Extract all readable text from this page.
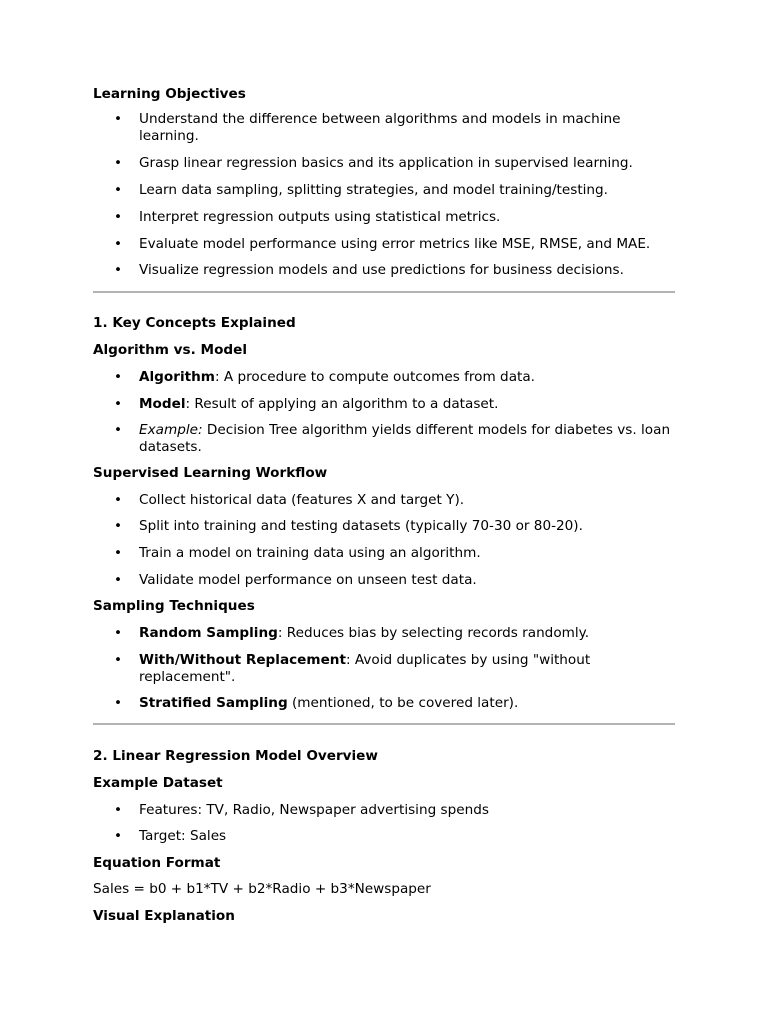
Learning Objectives

• Understand the difference between algorithms and models in machine learning.
• Grasp linear regression basics and its application in supervised learning.
• Learn data sampling, splitting strategies, and model training/testing.
• Interpret regression outputs using statistical metrics.
• Evaluate model performance using error metrics like MSE, RMSE, and MAE.
• Visualize regression models and use predictions for business decisions.

1. Key Concepts Explained

Algorithm vs. Model

• Algorithm: A procedure to compute outcomes from data.
• Model: Result of applying an algorithm to a dataset.
• Example: Decision Tree algorithm yields different models for diabetes vs. loan datasets.

Supervised Learning Workflow

• Collect historical data (features X and target Y).
• Split into training and testing datasets (typically 70-30 or 80-20).
• Train a model on training data using an algorithm.
• Validate model performance on unseen test data.

Sampling Techniques

• Random Sampling: Reduces bias by selecting records randomly.
• With/Without Replacement: Avoid duplicates by using "without replacement".
• Stratified Sampling (mentioned, to be covered later).

2. Linear Regression Model Overview

Example Dataset

• Features: TV, Radio, Newspaper advertising spends
• Target: Sales

Equation Format

Sales = b0 + b1*TV + b2*Radio + b3*Newspaper

Visual Explanation
